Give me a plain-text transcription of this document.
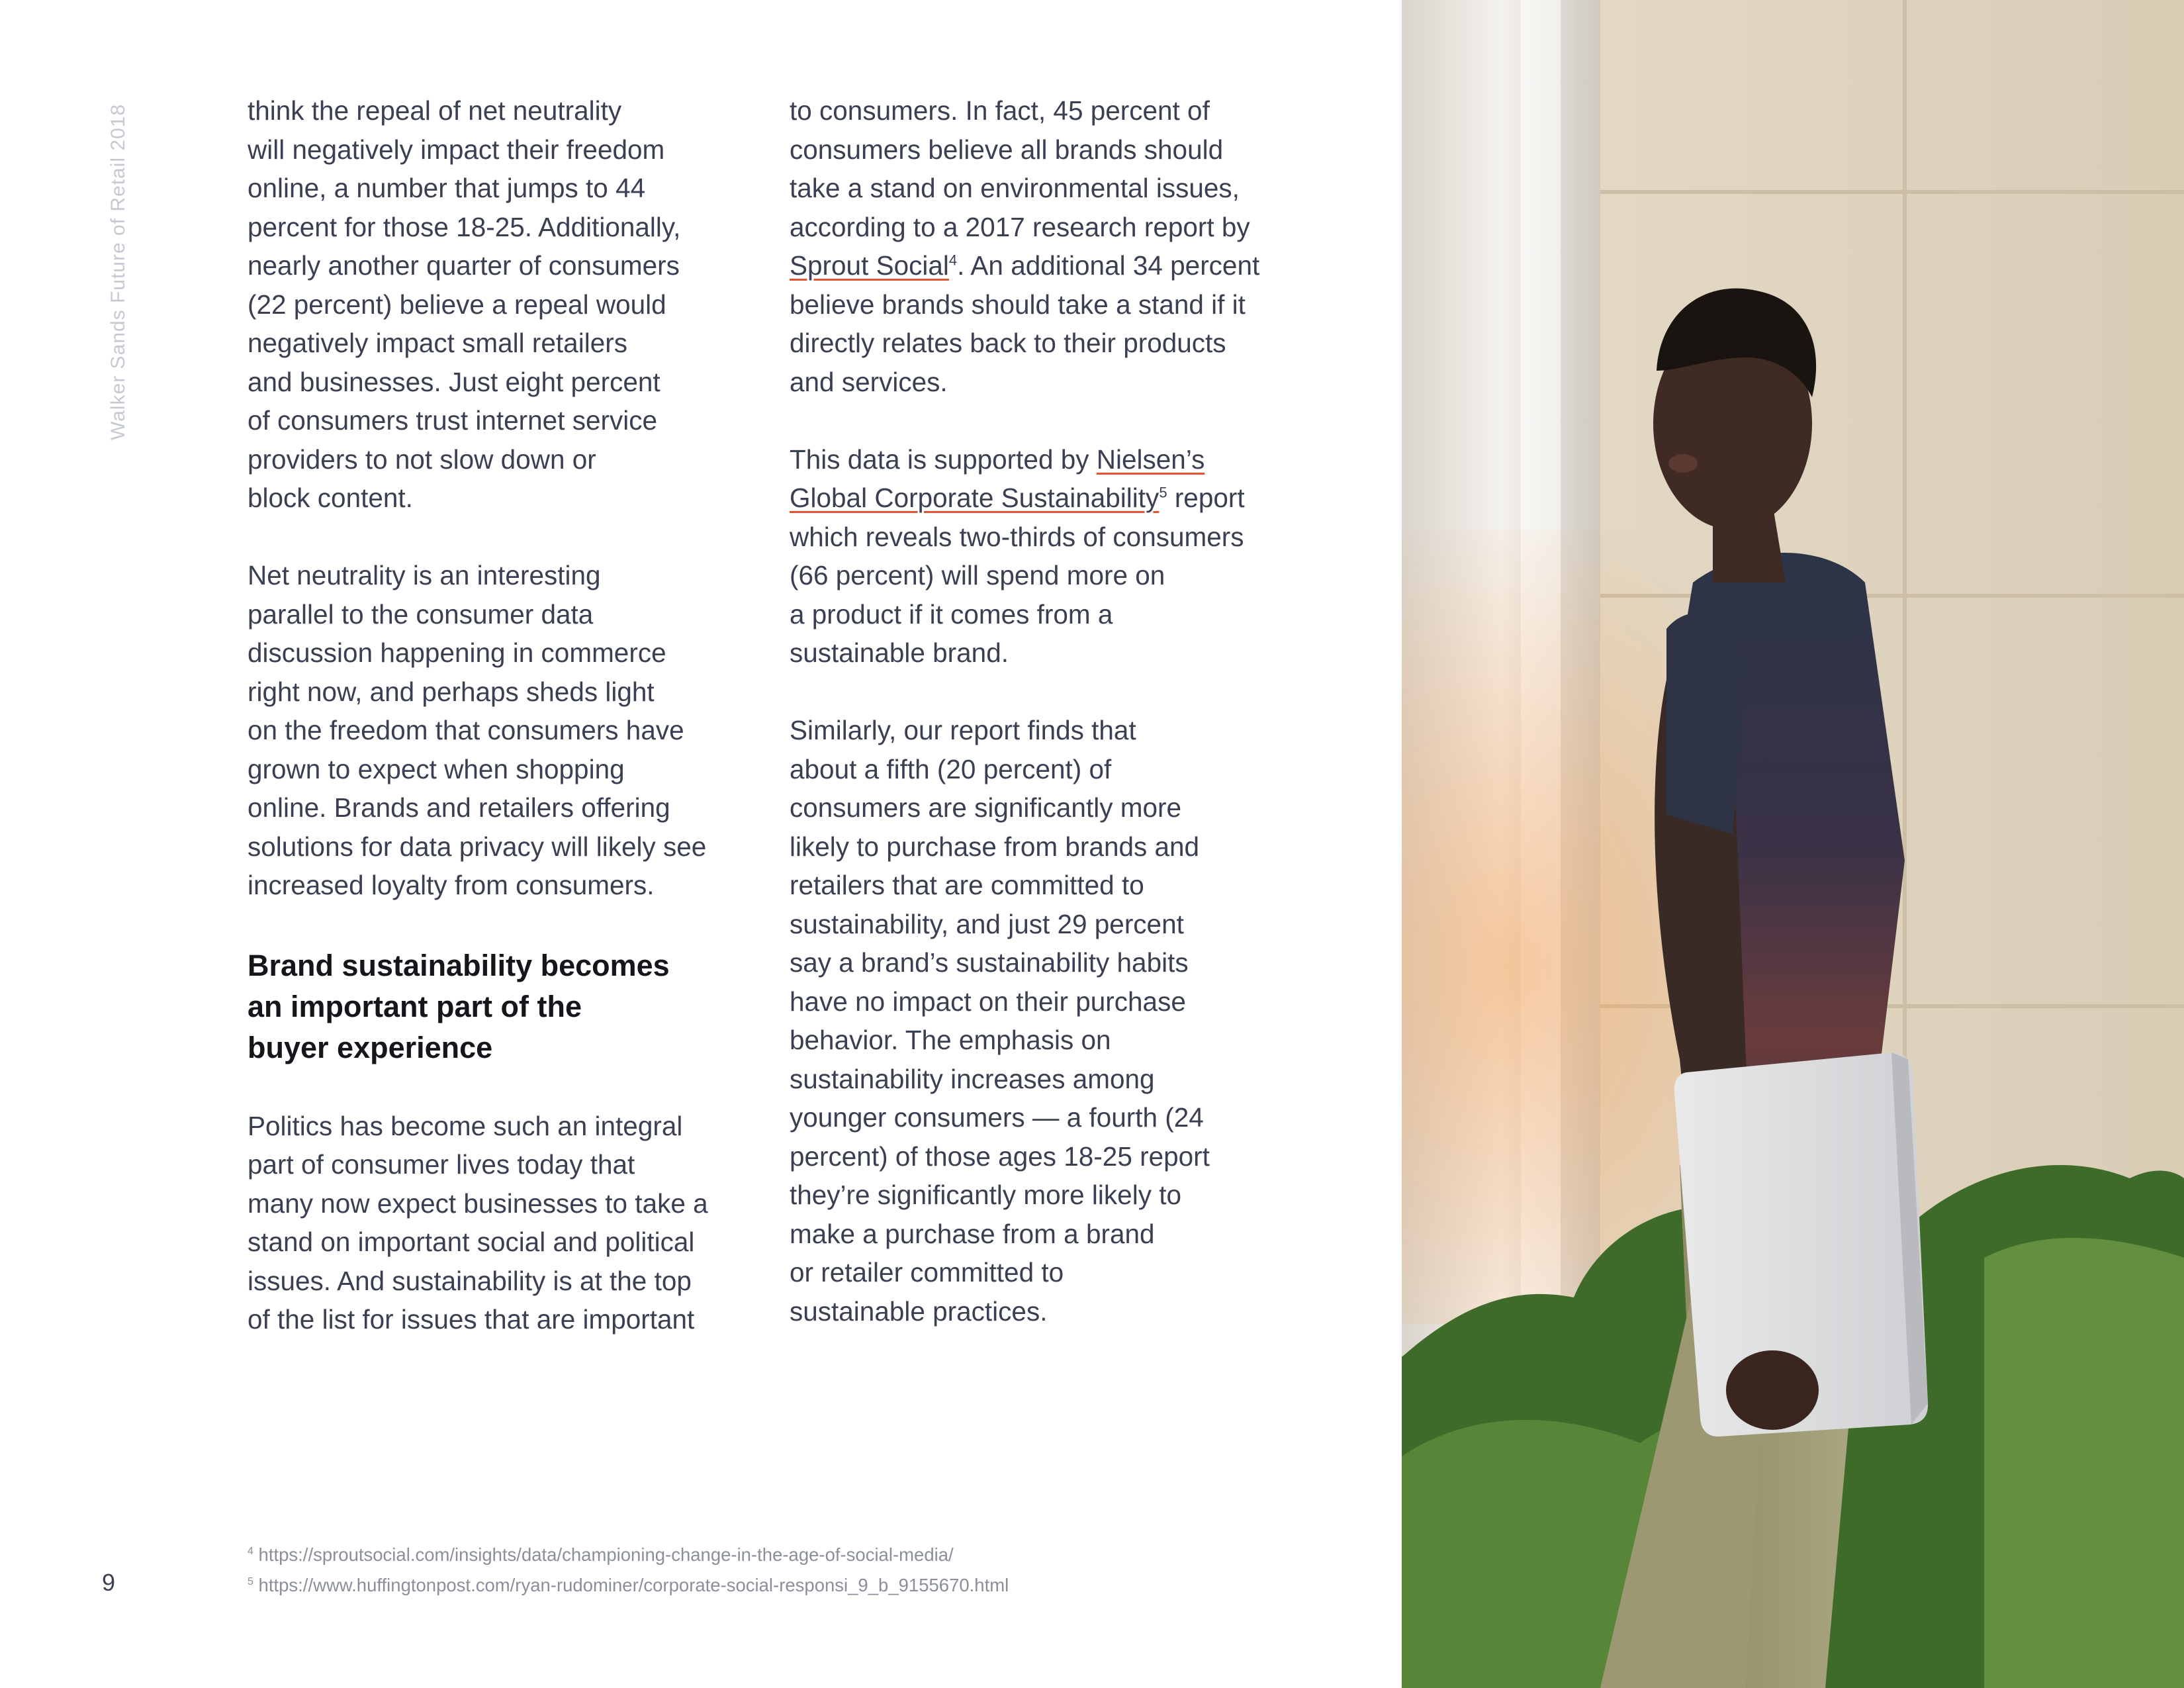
Walker Sands Future of Retail 2018	think the repeal of net neutrality
will negatively impact their freedom
online, a number that jumps to 44
percent for those 18-25. Additionally,
nearly another quarter of consumers
(22 percent) believe a repeal would
negatively impact small retailers
and businesses. Just eight percent
of consumers trust internet service
providers to not slow down or
block content.

Net neutrality is an interesting
parallel to the consumer data
discussion happening in commerce
right now, and perhaps sheds light
on the freedom that consumers have
grown to expect when shopping
online. Brands and retailers offering
solutions for data privacy will likely see
increased loyalty from consumers.

Brand sustainability becomes
an important part of the
buyer experience

Politics has become such an integral
part of consumer lives today that
many now expect businesses to take a
stand on important social and political
issues. And sustainability is at the top
of the list for issues that are important

to consumers. In fact, 45 percent of
consumers believe all brands should
take a stand on environmental issues,
according to a 2017 research report by
Sprout Social$^4$. An additional 34 percent
believe brands should take a stand if it
directly relates back to their products
and services.

This data is supported by Nielsen’s
Global Corporate Sustainability$^5$ report
which reveals two-thirds of consumers
(66 percent) will spend more on
a product if it comes from a
sustainable brand.

Similarly, our report finds that
about a fifth (20 percent) of
consumers are significantly more
likely to purchase from brands and
retailers that are committed to
sustainability, and just 29 percent
say a brand’s sustainability habits
have no impact on their purchase
behavior. The emphasis on
sustainability increases among
younger consumers — a fourth (24
percent) of those ages 18-25 report
they’re significantly more likely to
make a purchase from a brand
or retailer committed to
sustainable practices.

$^4$ https://sproutsocial.com/insights/data/championing-change-in-the-age-of-social-media/
$^5$ https://www.huffingtonpost.com/ryan-rudominer/corporate-social-responsi_9_b_9155670.html
9
